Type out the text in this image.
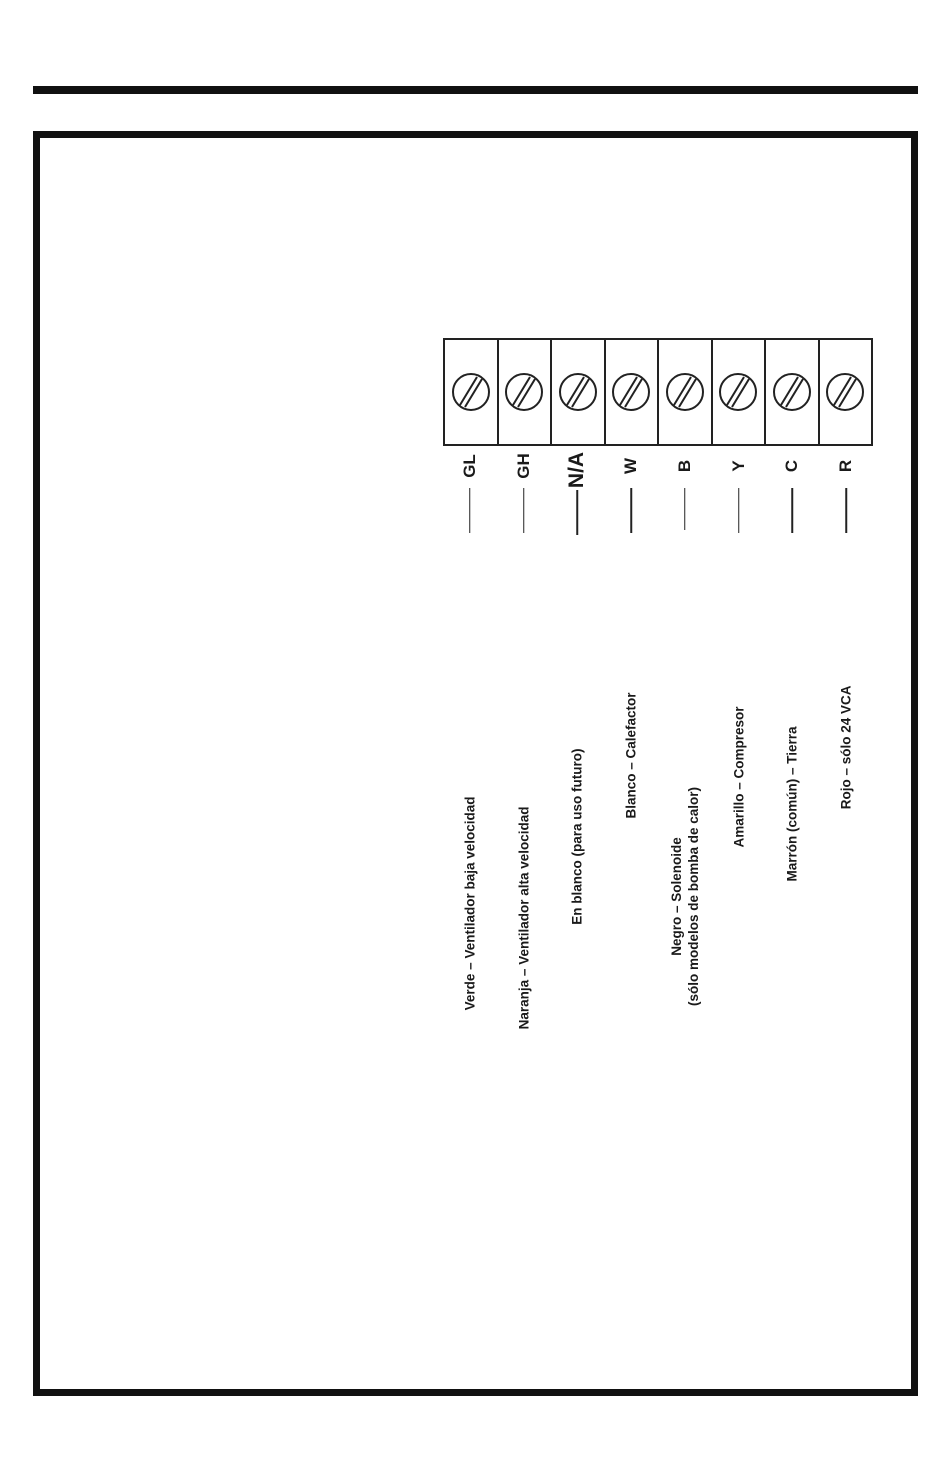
GL
Verde – Ventilador baja velocidad
GH
Naranja – Ventilador alta velocidad
N/A
En blanco (para uso futuro)
W
Blanco – Calefactor
B
Negro – Solenoide (sólo modelos de bomba de calor)
Y
Amarillo – Compresor
C
Marrón (común) – Tierra
R
Rojo – sólo 24 VCA
